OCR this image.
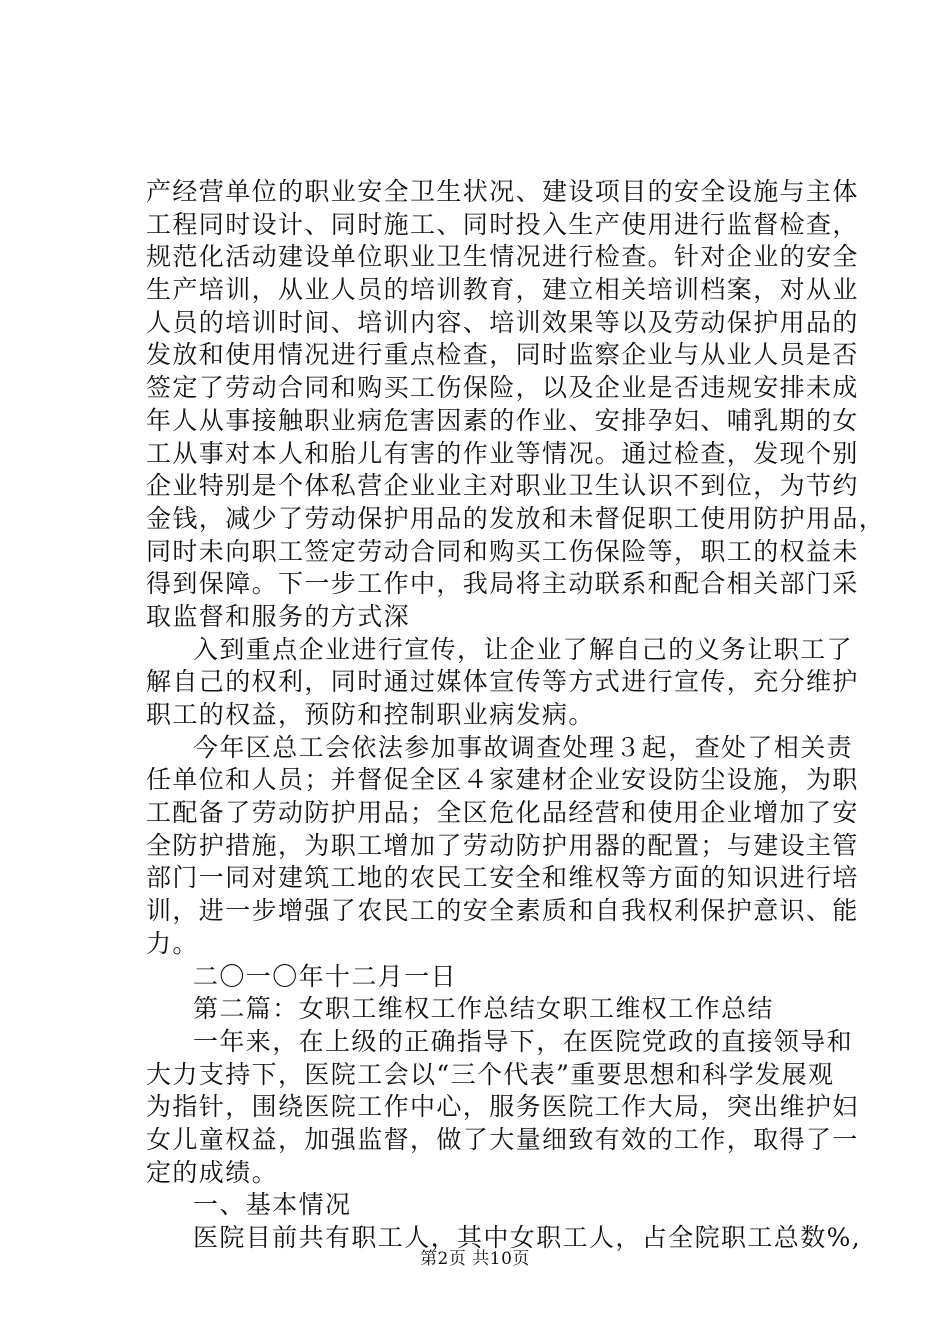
产经营单位的职业安全卫生状况、建设项目的安全设施与主体
工程同时设计、同时施工、同时投入生产使用进行监督检查，
规范化活动建设单位职业卫生情况进行检查。针对企业的安全
生产培训，从业人员的培训教育，建立相关培训档案，对从业
人员的培训时间、培训内容、培训效果等以及劳动保护用品的
发放和使用情况进行重点检查，同时监察企业与从业人员是否
签定了劳动合同和购买工伤保险，以及企业是否违规安排未成
年人从事接触职业病危害因素的作业、安排孕妇、哺乳期的女
工从事对本人和胎儿有害的作业等情况。通过检查，发现个别
企业特别是个体私营企业业主对职业卫生认识不到位，为节约
金钱，减少了劳动保护用品的发放和未督促职工使用防护用品，
同时未向职工签定劳动合同和购买工伤保险等，职工的权益未
得到保障。下一步工作中，我局将主动联系和配合相关部门采
取监督和服务的方式深
入到重点企业进行宣传，让企业了解自己的义务让职工了
解自己的权利，同时通过媒体宣传等方式进行宣传，充分维护
职工的权益，预防和控制职业病发病。
今年区总工会依法参加事故调查处理３起，查处了相关责
任单位和人员；并督促全区４家建材企业安设防尘设施，为职
工配备了劳动防护用品；全区危化品经营和使用企业增加了安
全防护措施，为职工增加了劳动防护用器的配置；与建设主管
部门一同对建筑工地的农民工安全和维权等方面的知识进行培
训，进一步增强了农民工的安全素质和自我权利保护意识、能
力。
二〇一〇年十二月一日
第二篇：女职工维权工作总结女职工维权工作总结
一年来，在上级的正确指导下，在医院党政的直接领导和
大力支持下，医院工会以“三个代表”重要思想和科学发展观
为指针，围绕医院工作中心，服务医院工作大局，突出维护妇
女儿童权益，加强监督，做了大量细致有效的工作，取得了一
定的成绩。
一、基本情况
医院目前共有职工人，其中女职工人，占全院职工总数%,
第2页 共10页
